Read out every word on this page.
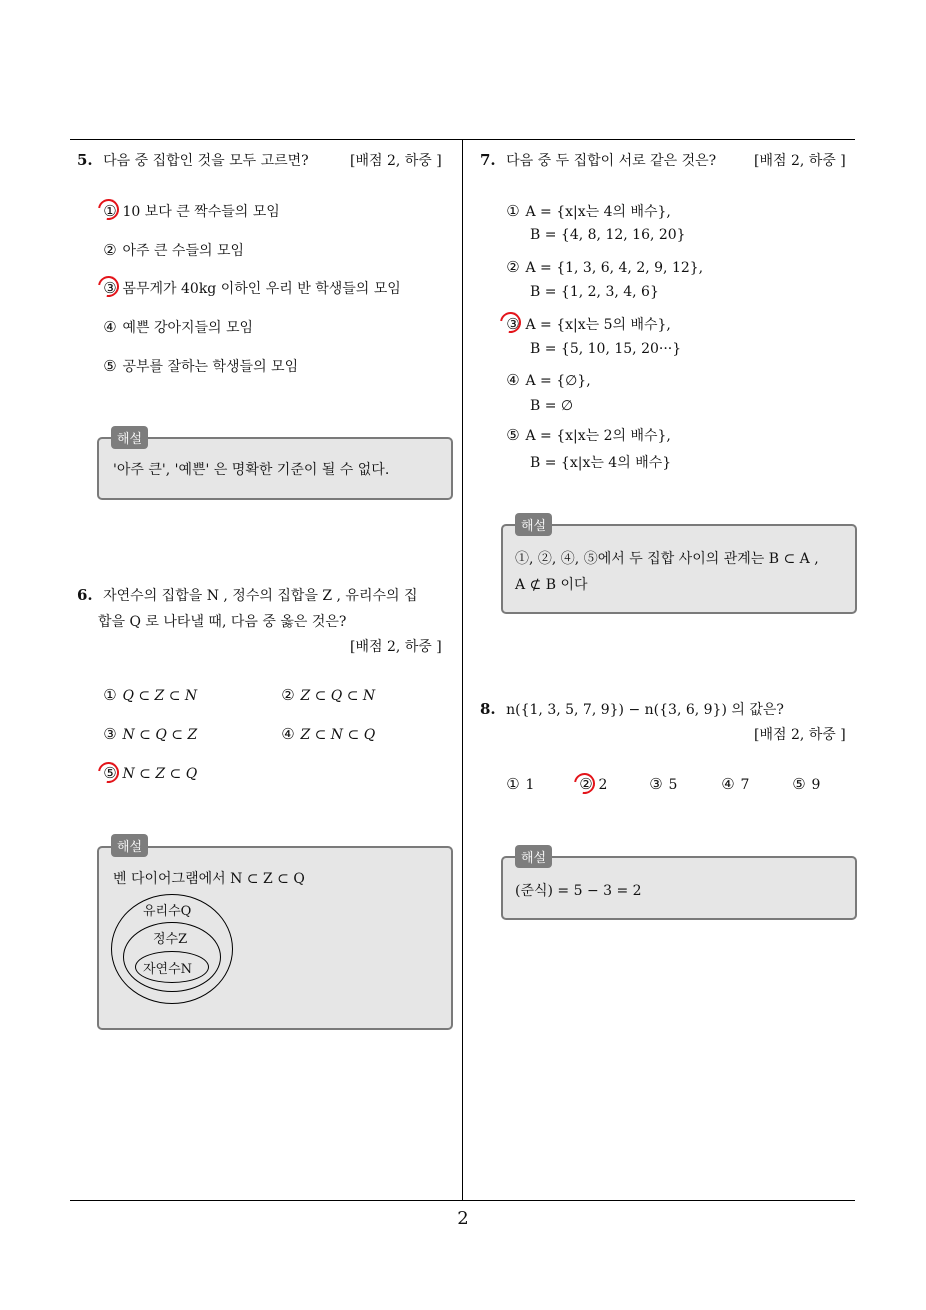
5. 다음 중 집합인 것을 모두 고르면?	[배점 2, 하중 ]
① 10 보다 큰 짝수들의 모임
② 아주 큰 수들의 모임
③ 몸무게가 40kg 이하인 우리 반 학생들의 모임
④ 예쁜 강아지들의 모임
⑤ 공부를 잘하는 학생들의 모임
'아주 큰', '예쁜' 은 명확한 기준이 될 수 없다.
해설
6. 자연수의 집합을 N , 정수의 집합을 Z , 유리수의 집
합을 Q 로 나타낼 때, 다음 중 옳은 것은?
[배점 2, 하중 ]
① Q ⊂ Z ⊂ N	② Z ⊂ Q ⊂ N
③ N ⊂ Q ⊂ Z	④ Z ⊂ N ⊂ Q
⑤ N ⊂ Z ⊂ Q
벤 다이어그램에서 N ⊂ Z ⊂ Q
유리수Q
정수Z
자연수N
해설
7. 다음 중 두 집합이 서로 같은 것은?	[배점 2, 하중 ]
① A = {x|x는 4의 배수},
B = {4, 8, 12, 16, 20}
② A = {1, 3, 6, 4, 2, 9, 12},
B = {1, 2, 3, 4, 6}
③ A = {x|x는 5의 배수},
B = {5, 10, 15, 20···}
④ A = {∅},
B = ∅
⑤ A = {x|x는 2의 배수},
B = {x|x는 4의 배수}
①, ②, ④, ⑤에서 두 집합 사이의 관계는 B ⊂ A ,
A ⊄ B 이다
해설
8. n({1, 3, 5, 7, 9}) − n({3, 6, 9}) 의 값은?
[배점 2, 하중 ]
① 1	② 2	③ 5	④ 7	⑤ 9
(준식) = 5 − 3 = 2
해설
2
